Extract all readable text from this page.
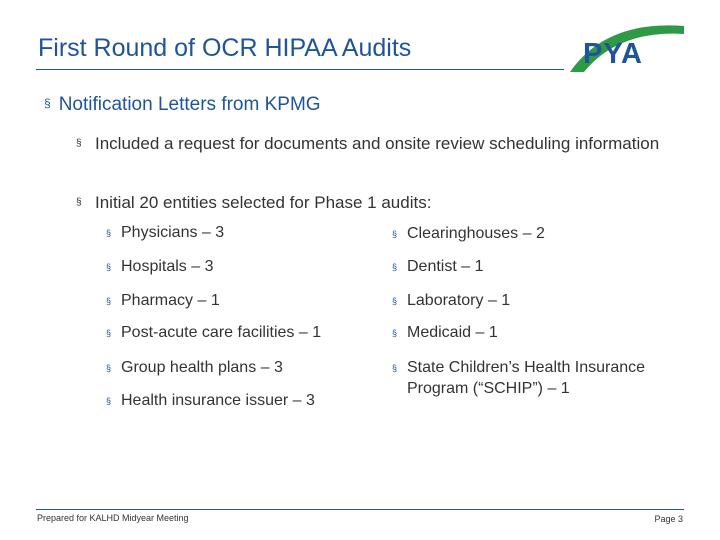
First Round of OCR HIPAA Audits	PYA
§ Notification Letters from KPMG
§ Included a request for documents and onsite review scheduling information
§ Initial 20 entities selected for Phase 1 audits:
§ Physicians – 3
§ Hospitals – 3
§ Pharmacy – 1
§ Post-acute care facilities – 1
§ Group health plans – 3
§ Health insurance issuer – 3
§ Clearinghouses – 2
§ Dentist – 1
§ Laboratory – 1
§ Medicaid – 1
§ State Children’s Health Insurance Program (“SCHIP”) – 1
Prepared for KALHD Midyear Meeting	Page 3
